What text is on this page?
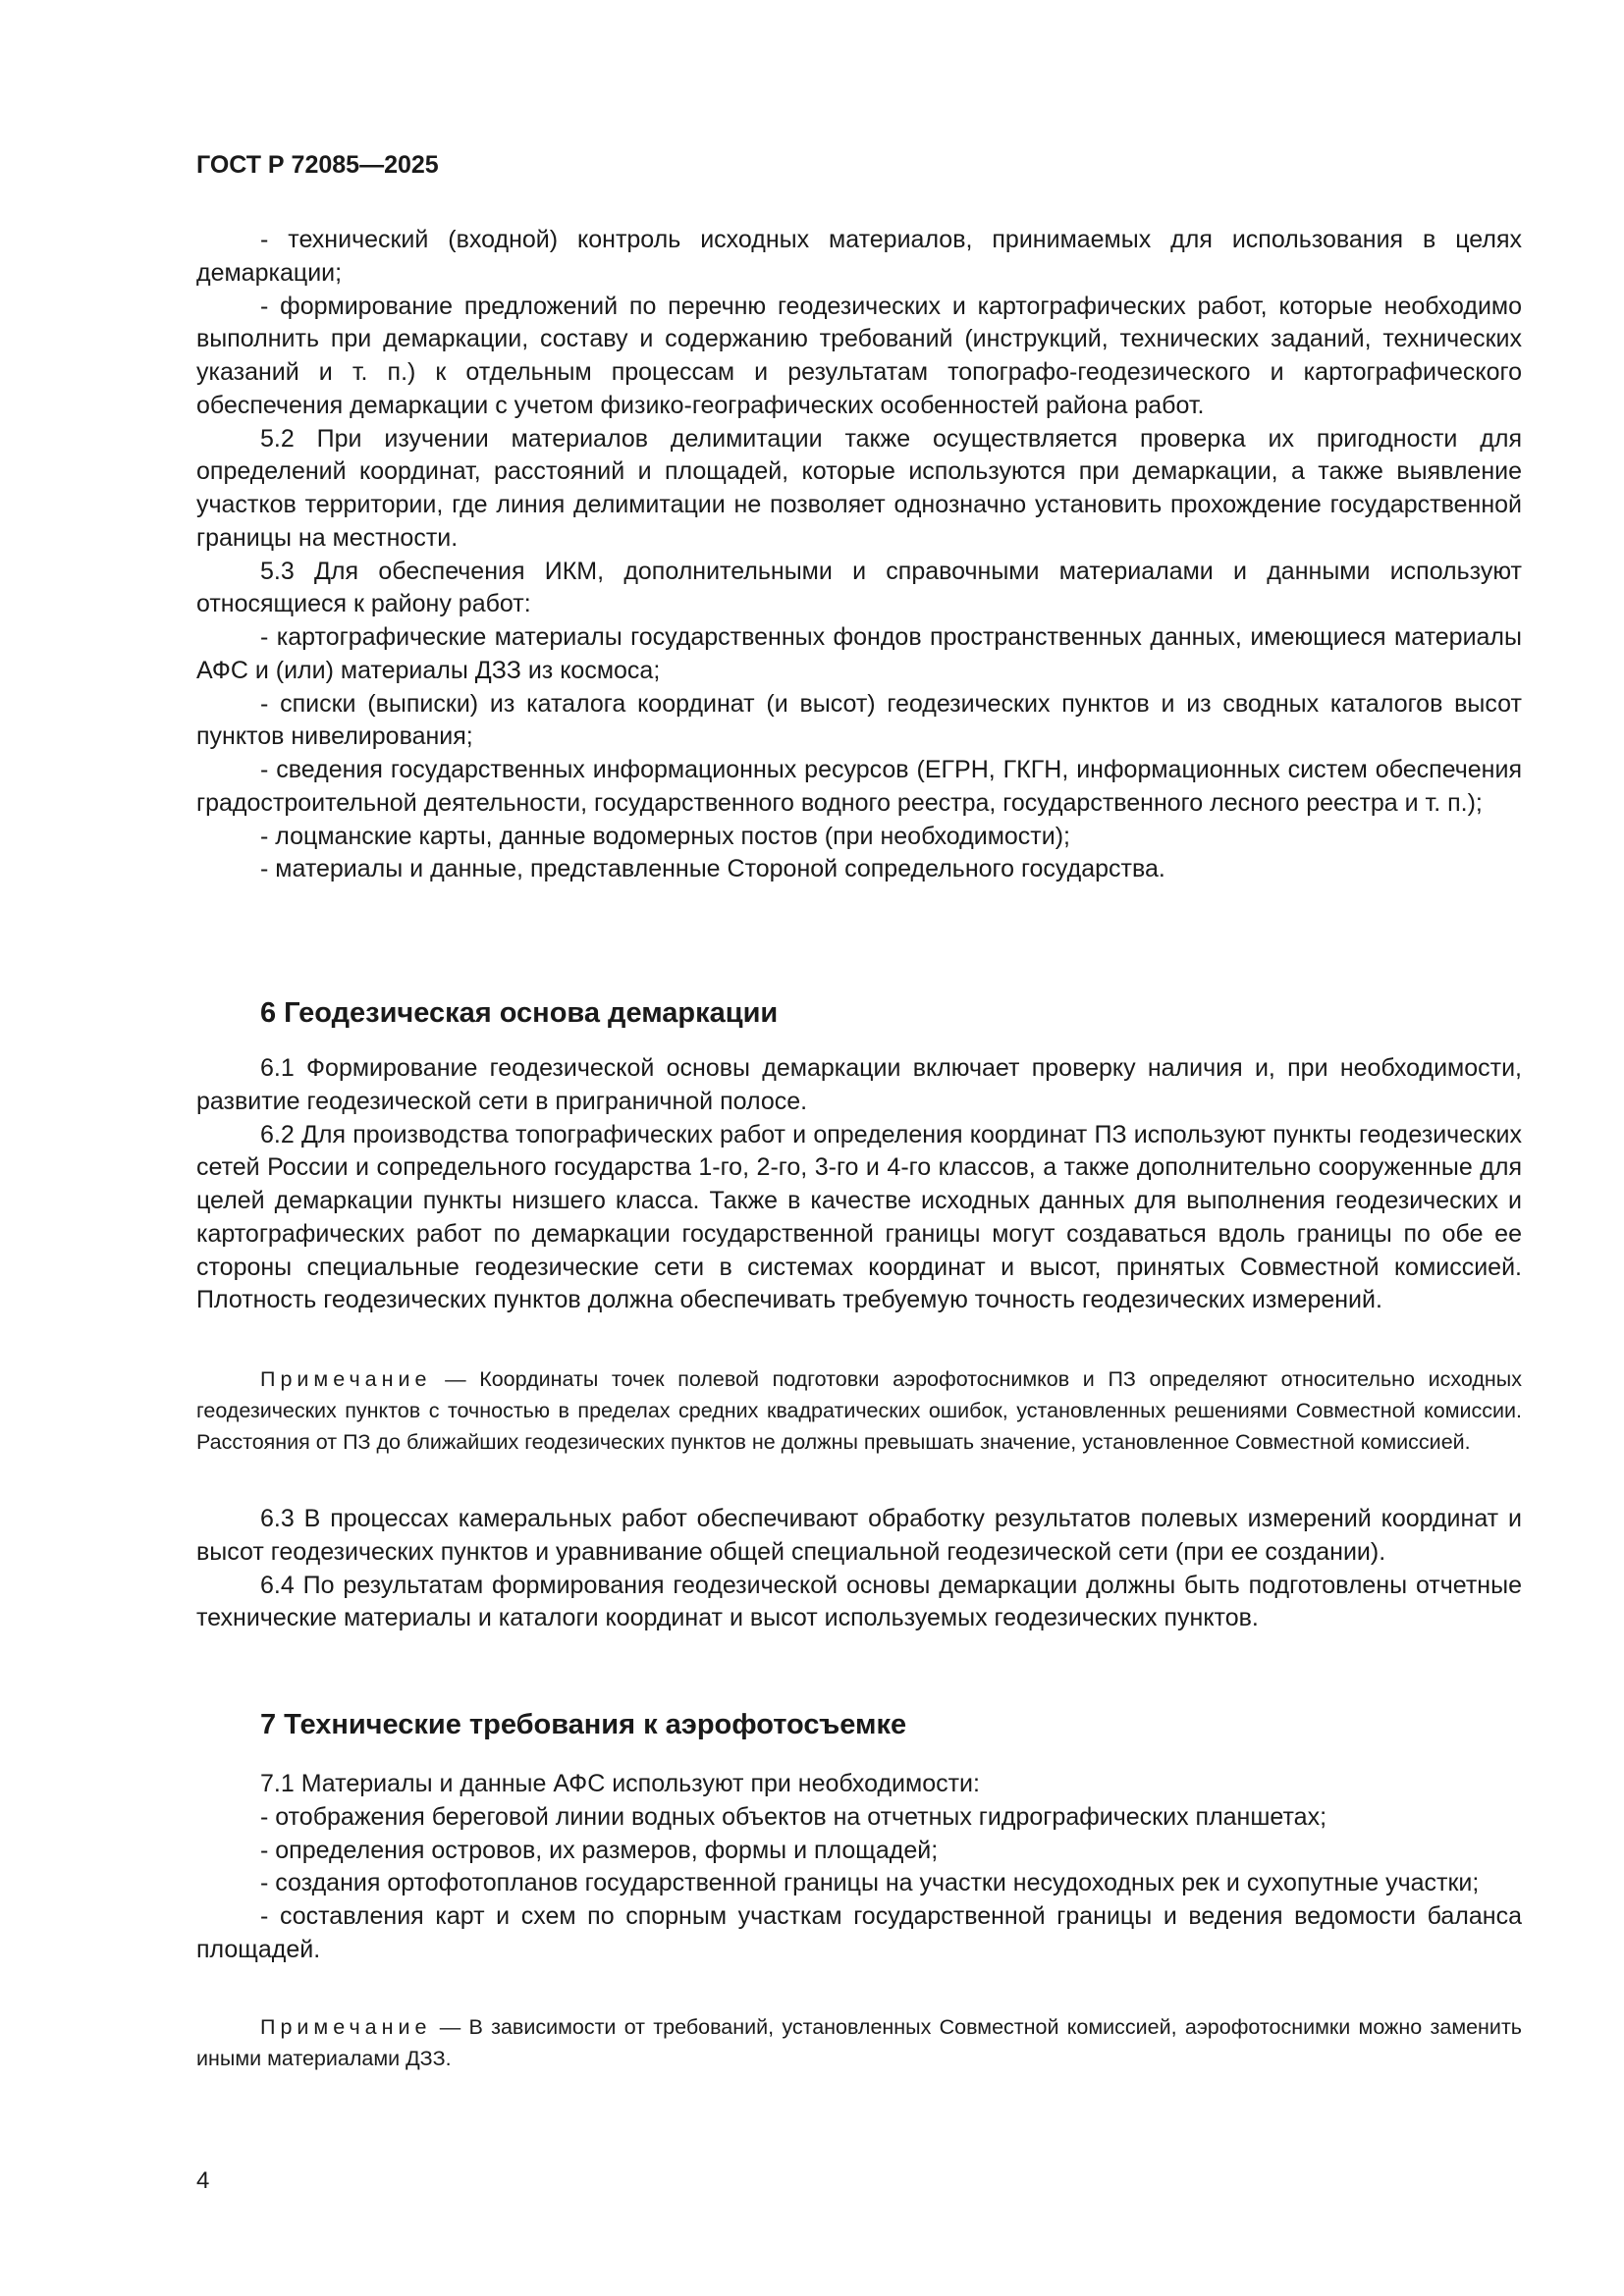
ГОСТ Р 72085—2025

- технический (входной) контроль исходных материалов, принимаемых для использования в целях демаркации;

- формирование предложений по перечню геодезических и картографических работ, которые необходимо выполнить при демаркации, составу и содержанию требований (инструкций, технических заданий, технических указаний и т. п.) к отдельным процессам и результатам топографо-геодезического и картографического обеспечения демаркации с учетом физико-географических особенностей района работ.

5.2 При изучении материалов делимитации также осуществляется проверка их пригодности для определений координат, расстояний и площадей, которые используются при демаркации, а также выявление участков территории, где линия делимитации не позволяет однозначно установить прохождение государственной границы на местности.

5.3 Для обеспечения ИКМ, дополнительными и справочными материалами и данными используют относящиеся к району работ:

- картографические материалы государственных фондов пространственных данных, имеющиеся материалы АФС и (или) материалы ДЗЗ из космоса;

- списки (выписки) из каталога координат (и высот) геодезических пунктов и из сводных каталогов высот пунктов нивелирования;

- сведения государственных информационных ресурсов (ЕГРН, ГКГН, информационных систем обеспечения градостроительной деятельности, государственного водного реестра, государственного лесного реестра и т. п.);

- лоцманские карты, данные водомерных постов (при необходимости);

- материалы и данные, представленные Стороной сопредельного государства.

6 Геодезическая основа демаркации

6.1 Формирование геодезической основы демаркации включает проверку наличия и, при необходимости, развитие геодезической сети в приграничной полосе.

6.2 Для производства топографических работ и определения координат ПЗ используют пункты геодезических сетей России и сопредельного государства 1-го, 2-го, 3-го и 4-го классов, а также дополнительно сооруженные для целей демаркации пункты низшего класса. Также в качестве исходных данных для выполнения геодезических и картографических работ по демаркации государственной границы могут создаваться вдоль границы по обе ее стороны специальные геодезические сети в системах координат и высот, принятых Совместной комиссией. Плотность геодезических пунктов должна обеспечивать требуемую точность геодезических измерений.

Примечание — Координаты точек полевой подготовки аэрофотоснимков и ПЗ определяют относительно исходных геодезических пунктов с точностью в пределах средних квадратических ошибок, установленных решениями Совместной комиссии. Расстояния от ПЗ до ближайших геодезических пунктов не должны превышать значение, установленное Совместной комиссией.

6.3 В процессах камеральных работ обеспечивают обработку результатов полевых измерений координат и высот геодезических пунктов и уравнивание общей специальной геодезической сети (при ее создании).

6.4 По результатам формирования геодезической основы демаркации должны быть подготовлены отчетные технические материалы и каталоги координат и высот используемых геодезических пунктов.

7 Технические требования к аэрофотосъемке

7.1 Материалы и данные АФС используют при необходимости:

- отображения береговой линии водных объектов на отчетных гидрографических планшетах;

- определения островов, их размеров, формы и площадей;

- создания ортофотопланов государственной границы на участки несудоходных рек и сухопутные участки;

- составления карт и схем по спорным участкам государственной границы и ведения ведомости баланса площадей.

Примечание — В зависимости от требований, установленных Совместной комиссией, аэрофотоснимки можно заменить иными материалами ДЗЗ.

4
